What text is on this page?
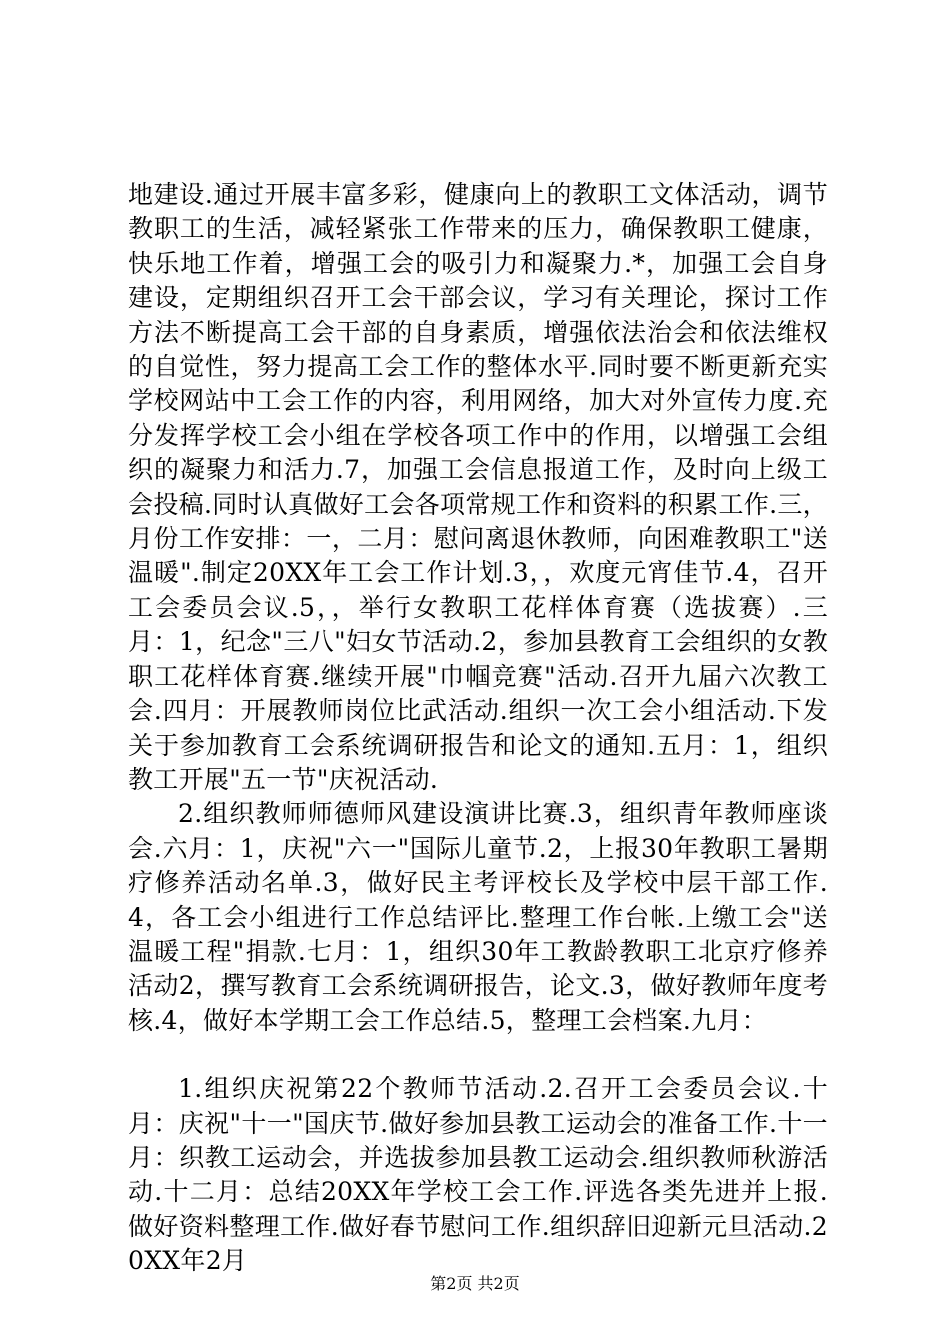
地建设.通过开展丰富多彩，健康向上的教职工文体活动，调节教职工的生活，减轻紧张工作带来的压力，确保教职工健康，快乐地工作着，增强工会的吸引力和凝聚力.*，加强工会自身建设，定期组织召开工会干部会议，学习有关理论，探讨工作方法不断提高工会干部的自身素质，增强依法治会和依法维权的自觉性，努力提高工会工作的整体水平.同时要不断更新充实学校网站中工会工作的内容，利用网络，加大对外宣传力度.充分发挥学校工会小组在学校各项工作中的作用，以增强工会组织的凝聚力和活力.7，加强工会信息报道工作，及时向上级工会投稿.同时认真做好工会各项常规工作和资料的积累工作.三，月份工作安排：一，二月：慰问离退休教师，向困难教职工"送温暖".制定20XX年工会工作计划.3，，欢度元宵佳节.4，召开工会委员会议.5，，举行女教职工花样体育赛（选拔赛）.三月：1，纪念"三八"妇女节活动.2，参加县教育工会组织的女教职工花样体育赛.继续开展"巾帼竞赛"活动.召开九届六次教工会.四月：开展教师岗位比武活动.组织一次工会小组活动.下发关于参加教育工会系统调研报告和论文的通知.五月：1，组织教工开展"五一节"庆祝活动.

2.组织教师师德师风建设演讲比赛.3，组织青年教师座谈会.六月：1，庆祝"六一"国际儿童节.2，上报30年教职工暑期疗修养活动名单.3，做好民主考评校长及学校中层干部工作.4，各工会小组进行工作总结评比.整理工作台帐.上缴工会"送温暖工程"捐款.七月：1，组织30年工教龄教职工北京疗修养活动2，撰写教育工会系统调研报告，论文.3，做好教师年度考核.4，做好本学期工会工作总结.5，整理工会档案.九月：

1.组织庆祝第22个教师节活动.2.召开工会委员会议.十月：庆祝"十一"国庆节.做好参加县教工运动会的准备工作.十一月：织教工运动会，并选拔参加县教工运动会.组织教师秋游活动.十二月：总结20XX年学校工会工作.评选各类先进并上报.做好资料整理工作.做好春节慰问工作.组织辞旧迎新元旦活动.20XX年2月

第2页 共2页
